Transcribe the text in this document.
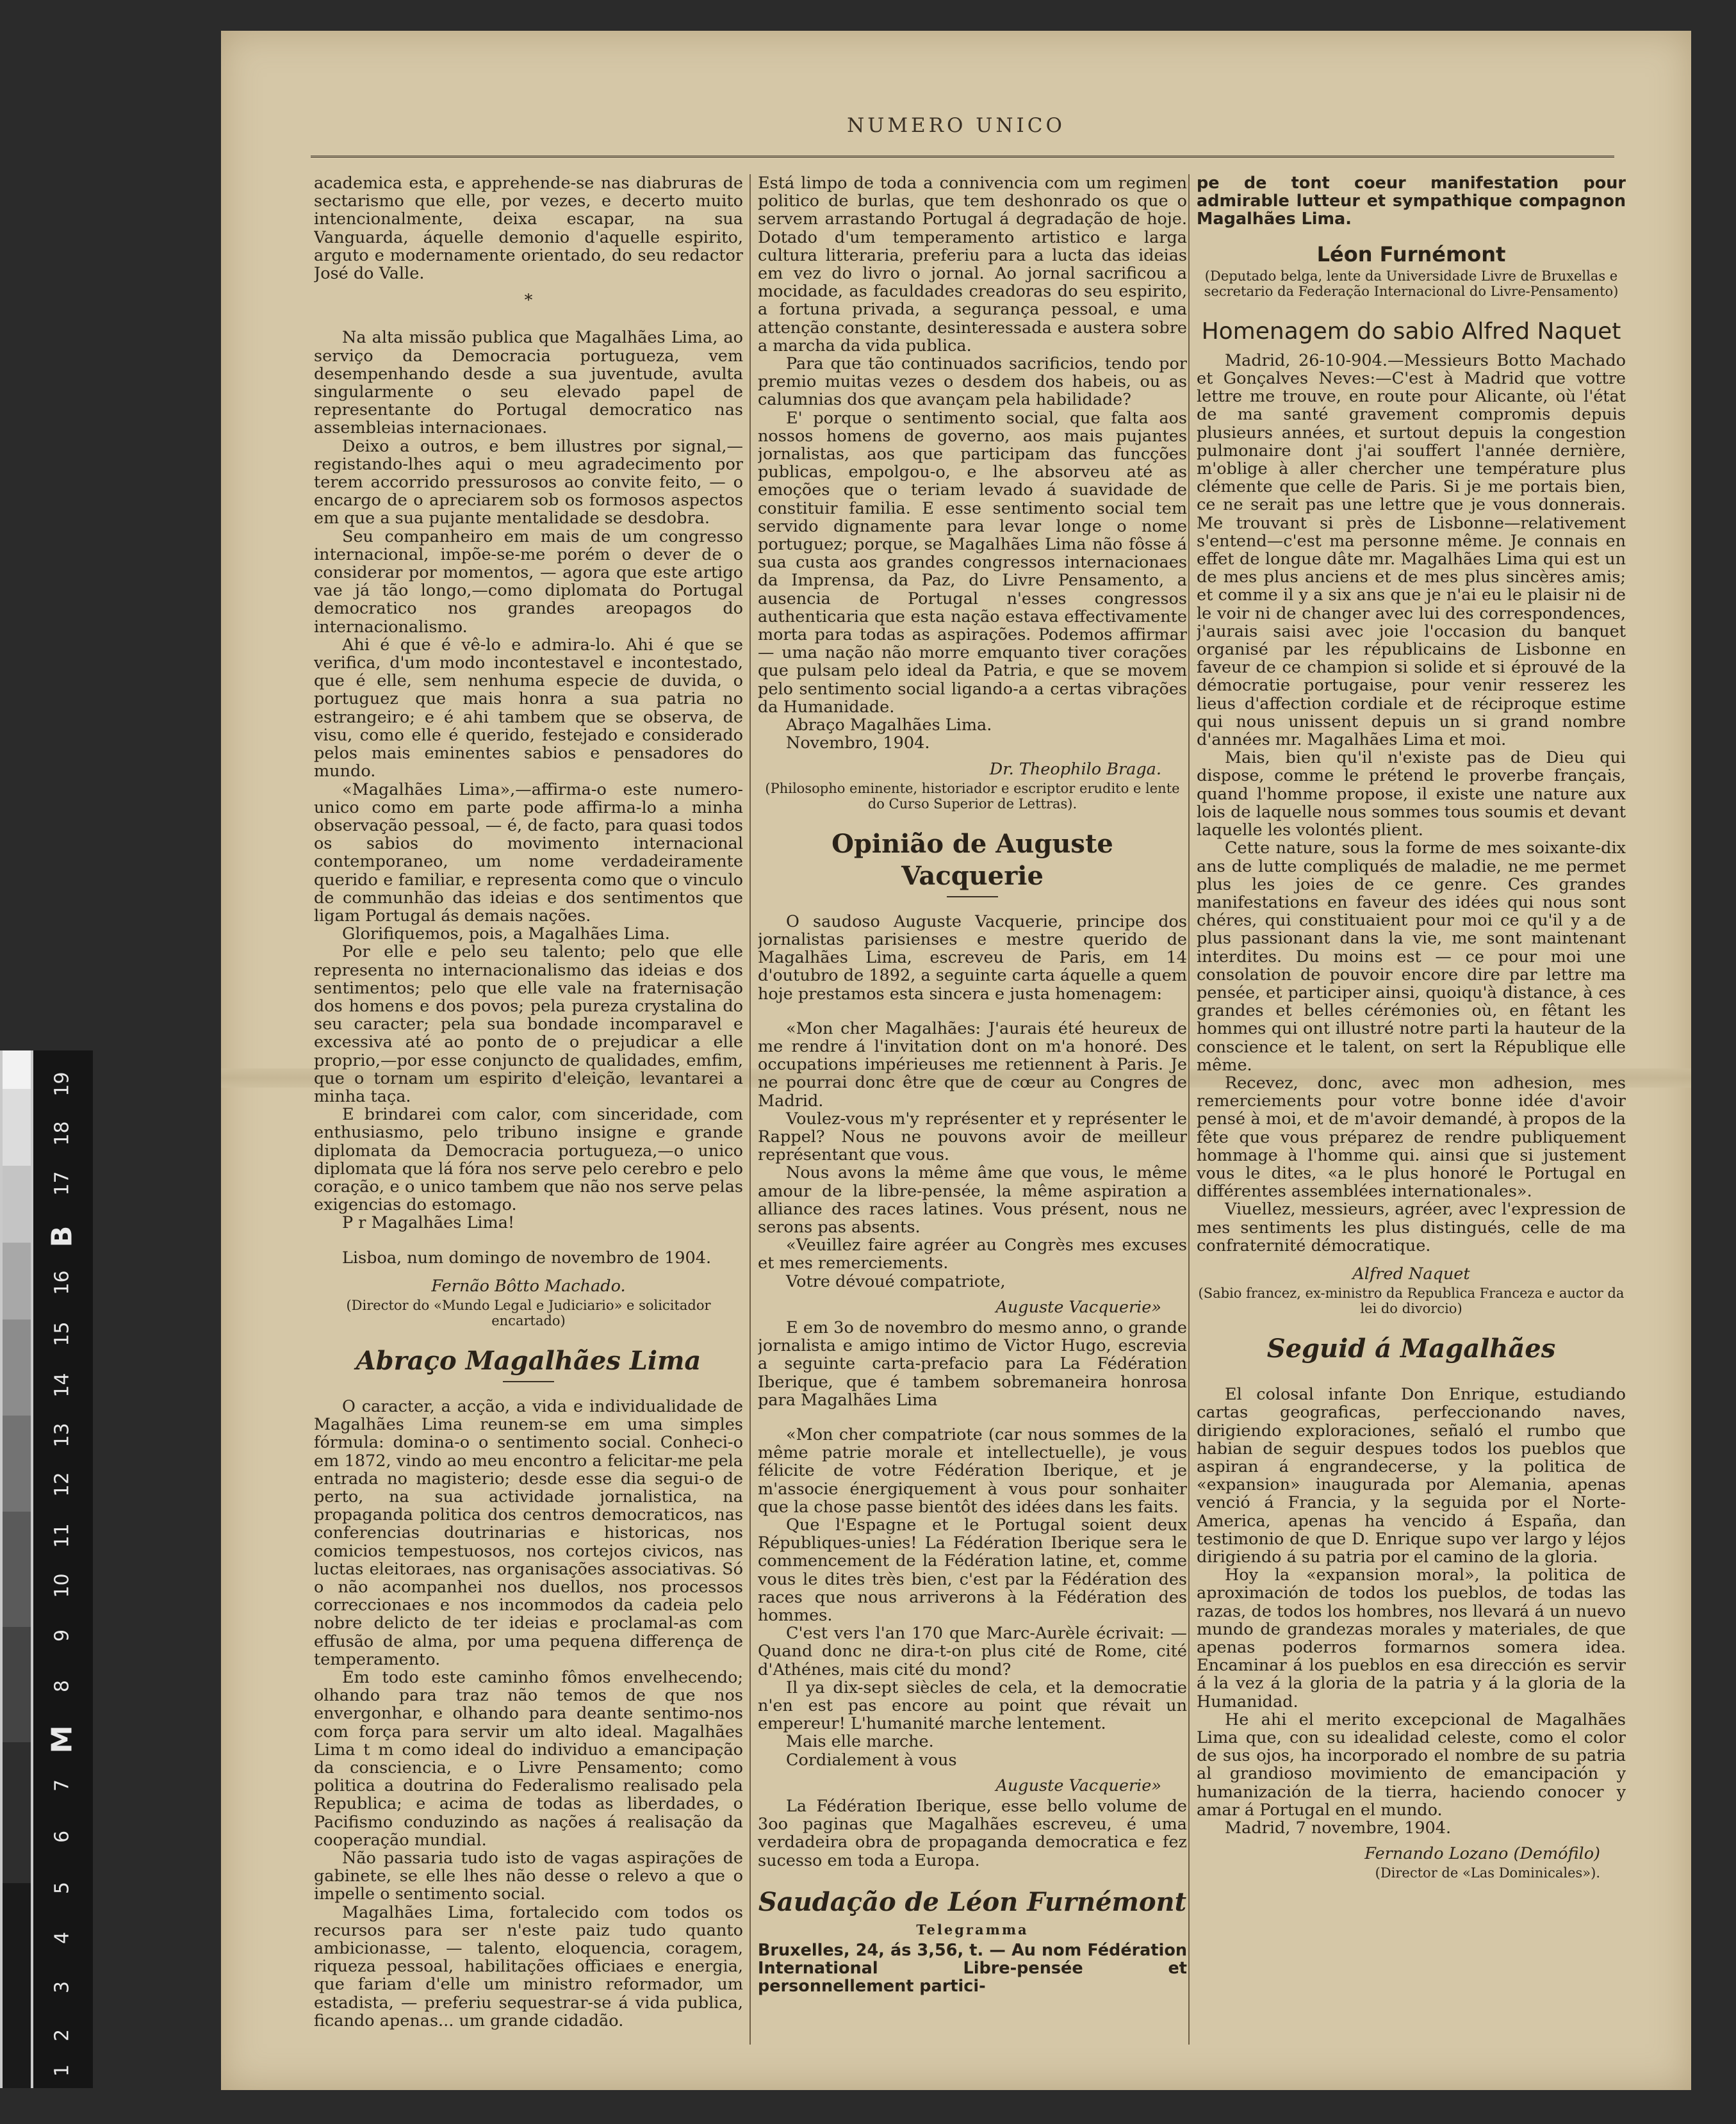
19
18
17
B
16
15
14
13
12
11
10
9
8
M
7
6
5
4
3
2
1
NUMERO UNICO

academica esta, e apprehende-se nas diabruras de sectarismo que elle, por vezes, e decerto muito intencionalmente, deixa escapar, na sua Vanguarda, áquelle demonio d'aquelle espirito, arguto e modernamente orientado, do seu redactor José do Valle.

*

Na alta missão publica que Magalhães Lima, ao serviço da Democracia portugueza, vem desempenhando desde a sua juventude, avulta singularmente o seu elevado papel de representante do Portugal democratico nas assembleias internacionaes.

Deixo a outros, e bem illustres por signal,—registando-lhes aqui o meu agradecimento por terem accorrido pressurosos ao convite feito, — o encargo de o apreciarem sob os formosos aspectos em que a sua pujante mentalidade se desdobra.

Seu companheiro em mais de um congresso internacional, impõe-se-me porém o dever de o considerar por momentos, — agora que este artigo vae já tão longo,—como diplomata do Portugal democratico nos grandes areopagos do internacionalismo.

Ahi é que é vê-lo e admira-lo. Ahi é que se verifica, d'um modo incontestavel e incontestado, que é elle, sem nenhuma especie de duvida, o portuguez que mais honra a sua patria no estrangeiro; e é ahi tambem que se observa, de visu, como elle é querido, festejado e considerado pelos mais eminentes sabios e pensadores do mundo.

«Magalhães Lima»,—affirma-o este numero-unico como em parte pode affirma-lo a minha observação pessoal, — é, de facto, para quasi todos os sabios do movimento internacional contemporaneo, um nome verdadeiramente querido e familiar, e representa como que o vinculo de communhão das ideias e dos sentimentos que ligam Portugal ás demais nações.

Glorifiquemos, pois, a Magalhães Lima.

Por elle e pelo seu talento; pelo que elle representa no internacionalismo das ideias e dos sentimentos; pelo que elle vale na fraternisação dos homens e dos povos; pela pureza crystalina do seu caracter; pela sua bondade incomparavel e excessiva até ao ponto de o prejudicar a elle proprio,—por esse conjuncto de qualidades, emfim, que o tornam um espirito d'eleição, levantarei a minha taça.

E brindarei com calor, com sinceridade, com enthusiasmo, pelo tribuno insigne e grande diplomata da Democracia portugueza,—o unico diplomata que lá fóra nos serve pelo cerebro e pelo coração, e o unico tambem que não nos serve pelas exigencias do estomago.

P r Magalhães Lima!

Lisboa, num domingo de novembro de 1904.

Fernão Bôtto Machado.
(Director do «Mundo Legal e Judiciario» e solicitador encartado)
Abraço Magalhães Lima

O caracter, a acção, a vida e individualidade de Magalhães Lima reunem-se em uma simples fórmula: domina-o o sentimento social. Conheci-o em 1872, vindo ao meu encontro a felicitar-me pela entrada no magisterio; desde esse dia segui-o de perto, na sua actividade jornalistica, na propaganda politica dos centros democraticos, nas conferencias doutrinarias e historicas, nos comicios tempestuosos, nos cortejos civicos, nas luctas eleitoraes, nas organisações associativas. Só o não acompanhei nos duellos, nos processos correccionaes e nos incommodos da cadeia pelo nobre delicto de ter ideias e proclamal-as com effusão de alma, por uma pequena differença de temperamento.

Em todo este caminho fômos envelhecendo; olhando para traz não temos de que nos envergonhar, e olhando para deante sentimo-nos com força para servir um alto ideal. Magalhães Lima t m como ideal do individuo a emancipação da consciencia, e o Livre Pensamento; como politica a doutrina do Federalismo realisado pela Republica; e acima de todas as liberdades, o Pacifismo conduzindo as nações á realisação da cooperação mundial.

Não passaria tudo isto de vagas aspirações de gabinete, se elle lhes não desse o relevo a que o impelle o sentimento social.

Magalhães Lima, fortalecido com todos os recursos para ser n'este paiz tudo quanto ambicionasse, — talento, eloquencia, coragem, riqueza pessoal, habilitações officiaes e energia, que fariam d'elle um ministro reformador, um estadista, — preferiu sequestrar-se á vida publica, ficando apenas... um grande cidadão.

Está limpo de toda a connivencia com um regimen politico de burlas, que tem deshonrado os que o servem arrastando Portugal á degradação de hoje. Dotado d'um temperamento artistico e larga cultura litteraria, preferiu para a lucta das ideias em vez do livro o jornal. Ao jornal sacrificou a mocidade, as faculdades creadoras do seu espirito, a fortuna privada, a segurança pessoal, e uma attenção constante, desinteressada e austera sobre a marcha da vida publica.

Para que tão continuados sacrificios, tendo por premio muitas vezes o desdem dos habeis, ou as calumnias dos que avançam pela habilidade?

E' porque o sentimento social, que falta aos nossos homens de governo, aos mais pujantes jornalistas, aos que participam das funcções publicas, empolgou-o, e lhe absorveu até as emoções que o teriam levado á suavidade de constituir familia. E esse sentimento social tem servido dignamente para levar longe o nome portuguez; porque, se Magalhães Lima não fôsse á sua custa aos grandes congressos internacionaes da Imprensa, da Paz, do Livre Pensamento, a ausencia de Portugal n'esses congressos authenticaria que esta nação estava effectivamente morta para todas as aspirações. Podemos affirmar — uma nação não morre emquanto tiver corações que pulsam pelo ideal da Patria, e que se movem pelo sentimento social ligando-a a certas vibrações da Humanidade.

Abraço Magalhães Lima.

Novembro, 1904.

Dr. Theophilo Braga.
(Philosopho eminente, historiador e escriptor erudito e lente do Curso Superior de Lettras).
Opinião de Auguste Vacquerie

O saudoso Auguste Vacquerie, principe dos jornalistas parisienses e mestre querido de Magalhães Lima, escreveu de Paris, em 14 d'outubro de 1892, a seguinte carta áquelle a quem hoje prestamos esta sincera e justa homenagem:

«Mon cher Magalhães: J'aurais été heureux de me rendre á l'invitation dont on m'a honoré. Des occupations impérieuses me retiennent à Paris. Je ne pourrai donc être que de cœur au Congres de Madrid.

Voulez-vous m'y représenter et y représenter le Rappel? Nous ne pouvons avoir de meilleur représentant que vous.

Nous avons la même âme que vous, le même amour de la libre-pensée, la même aspiration a alliance des races latines. Vous présent, nous ne serons pas absents.

«Veuillez faire agréer au Congrès mes excuses et mes remerciements.

Votre dévoué compatriote,

Auguste Vacquerie»

E em 3o de novembro do mesmo anno, o grande jornalista e amigo intimo de Victor Hugo, escrevia a seguinte carta-prefacio para La Fédération Iberique, que é tambem sobremaneira honrosa para Magalhães Lima

«Mon cher compatriote (car nous sommes de la même patrie morale et intellectuelle), je vous félicite de votre Fédération Iberique, et je m'associe énergiquement à vous pour sonhaiter que la chose passe bientôt des idées dans les faits.

Que l'Espagne et le Portugal soient deux Républiques-unies! La Fédération Iberique sera le commencement de la Fédération latine, et, comme vous le dites très bien, c'est par la Fédération des races que nous arriverons à la Fédération des hommes.

C'est vers l'an 170 que Marc-Aurèle écrivait: — Quand donc ne dira-t-on plus cité de Rome, cité d'Athénes, mais cité du mond?

Il ya dix-sept siècles de cela, et la democratie n'en est pas encore au point que révait un empereur! L'humanité marche lentement.

Mais elle marche.

Cordialement à vous

Auguste Vacquerie»

La Fédération Iberique, esse bello volume de 3oo paginas que Magalhães escreveu, é uma verdadeira obra de propaganda democratica e fez sucesso em toda a Europa.

Saudação de Léon Furnémont
Telegramma

Bruxelles, 24, ás 3,56, t. — Au nom Fédération International Libre-pensée et personnellement partici-

pe de tont coeur manifestation pour admirable lutteur et sympathique compagnon Magalhães Lima.

Léon Furnémont
(Deputado belga, lente da Universidade Livre de Bruxellas e secretario da Federação Internacional do Livre-Pensamento)
Homenagem do sabio Alfred Naquet

Madrid, 26-10-904.—Messieurs Botto Machado et Gonçalves Neves:—C'est à Madrid que vottre lettre me trouve, en route pour Alicante, où l'état de ma santé gravement compromis depuis plusieurs années, et surtout depuis la congestion pulmonaire dont j'ai souffert l'année dernière, m'oblige à aller chercher une température plus clémente que celle de Paris. Si je me portais bien, ce ne serait pas une lettre que je vous donnerais. Me trouvant si près de Lisbonne—relativement s'entend—c'est ma personne même. Je connais en effet de longue dâte mr. Magalhães Lima qui est un de mes plus anciens et de mes plus sincères amis; et comme il y a six ans que je n'ai eu le plaisir ni de le voir ni de changer avec lui des correspondences, j'aurais saisi avec joie l'occasion du banquet organisé par les républicains de Lisbonne en faveur de ce champion si solide et si éprouvé de la démocratie portugaise, pour venir resserez les lieus d'affection cordiale et de réciproque estime qui nous unissent depuis un si grand nombre d'années mr. Magalhães Lima et moi.

Mais, bien qu'il n'existe pas de Dieu qui dispose, comme le prétend le proverbe français, quand l'homme propose, il existe une nature aux lois de laquelle nous sommes tous soumis et devant laquelle les volontés plient.

Cette nature, sous la forme de mes soixante-dix ans de lutte compliqués de maladie, ne me permet plus les joies de ce genre. Ces grandes manifestations en faveur des idées qui nous sont chéres, qui constituaient pour moi ce qu'il y a de plus passionant dans la vie, me sont maintenant interdites. Du moins est — ce pour moi une consolation de pouvoir encore dire par lettre ma pensée, et participer ainsi, quoiqu'à distance, à ces grandes et belles cérémonies où, en fêtant les hommes qui ont illustré notre parti la hauteur de la conscience et le talent, on sert la République elle même.

Recevez, donc, avec mon adhesion, mes remerciements pour votre bonne idée d'avoir pensé à moi, et de m'avoir demandé, à propos de la fête que vous préparez de rendre publiquement hommage à l'homme qui. ainsi que si justement vous le dites, «a le plus honoré le Portugal en différentes assemblées internationales».

Viuellez, messieurs, agréer, avec l'expression de mes sentiments les plus distingués, celle de ma confraternité démocratique.

Alfred Naquet
(Sabio francez, ex-ministro da Republica Franceza e auctor da lei do divorcio)
Seguid á Magalhães

El colosal infante Don Enrique, estudiando cartas geograficas, perfeccionando naves, dirigiendo exploraciones, señaló el rumbo que habian de seguir despues todos los pueblos que aspiran á engrandecerse, y la politica de «expansion» inaugurada por Alemania, apenas venció á Francia, y la seguida por el Norte-America, apenas ha vencido á España, dan testimonio de que D. Enrique supo ver largo y léjos dirigiendo á su patria por el camino de la gloria.

Hoy la «expansion moral», la politica de aproximación de todos los pueblos, de todas las razas, de todos los hombres, nos llevará á un nuevo mundo de grandezas morales y materiales, de que apenas poderros formarnos somera idea. Encaminar á los pueblos en esa dirección es servir á la vez á la gloria de la patria y á la gloria de la Humanidad.

He ahi el merito excepcional de Magalhães Lima que, con su idealidad celeste, como el color de sus ojos, ha incorporado el nombre de su patria al grandioso movimiento de emancipación y humanización de la tierra, haciendo conocer y amar á Portugal en el mundo.

Madrid, 7 novembre, 1904.

Fernando Lozano (Demófilo)
(Director de «Las Dominicales»).
